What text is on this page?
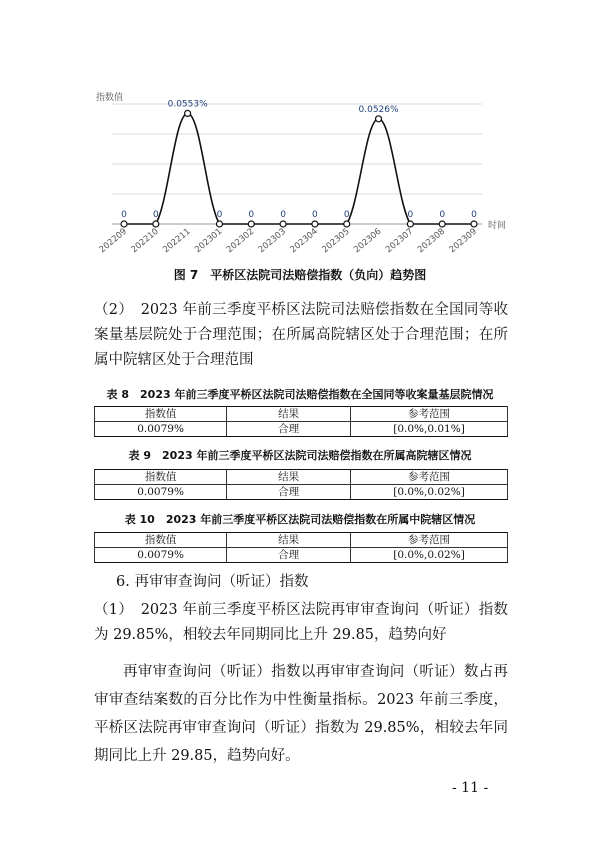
指数值
时间
0
202209
0
202210
0.0553%
202211
0
202301
0
202302
0
202303
0
202304
0
202305
0.0526%
202306
0
202307
0
202308
0
202309
图 7　平桥区法院司法赔偿指数（负向）趋势图
（2）　2023 年前三季度平桥区法院司法赔偿指数在全国同等收案量基层院处于合理范围；在所属高院辖区处于合理范围；在所属中院辖区处于合理范围
表 8　2023 年前三季度平桥区法院司法赔偿指数在全国同等收案量基层院情况
指数值	结果	参考范围
0.0079%	合理	[0.0%,0.01%]
表 9　2023 年前三季度平桥区法院司法赔偿指数在所属高院辖区情况
指数值	结果	参考范围
0.0079%	合理	[0.0%,0.02%]
表 10　2023 年前三季度平桥区法院司法赔偿指数在所属中院辖区情况
指数值	结果	参考范围
0.0079%	合理	[0.0%,0.02%]
6. 再审审查询问（听证）指数
（1）　2023 年前三季度平桥区法院再审审查询问（听证）指数为 29.85%，相较去年同期同比上升 29.85，趋势向好
再审审查询问（听证）指数以再审审查询问（听证）数占再审审查结案数的百分比作为中性衡量指标。2023 年前三季度，平桥区法院再审审查询问（听证）指数为 29.85%，相较去年同期同比上升 29.85，趋势向好。
- 11 -
